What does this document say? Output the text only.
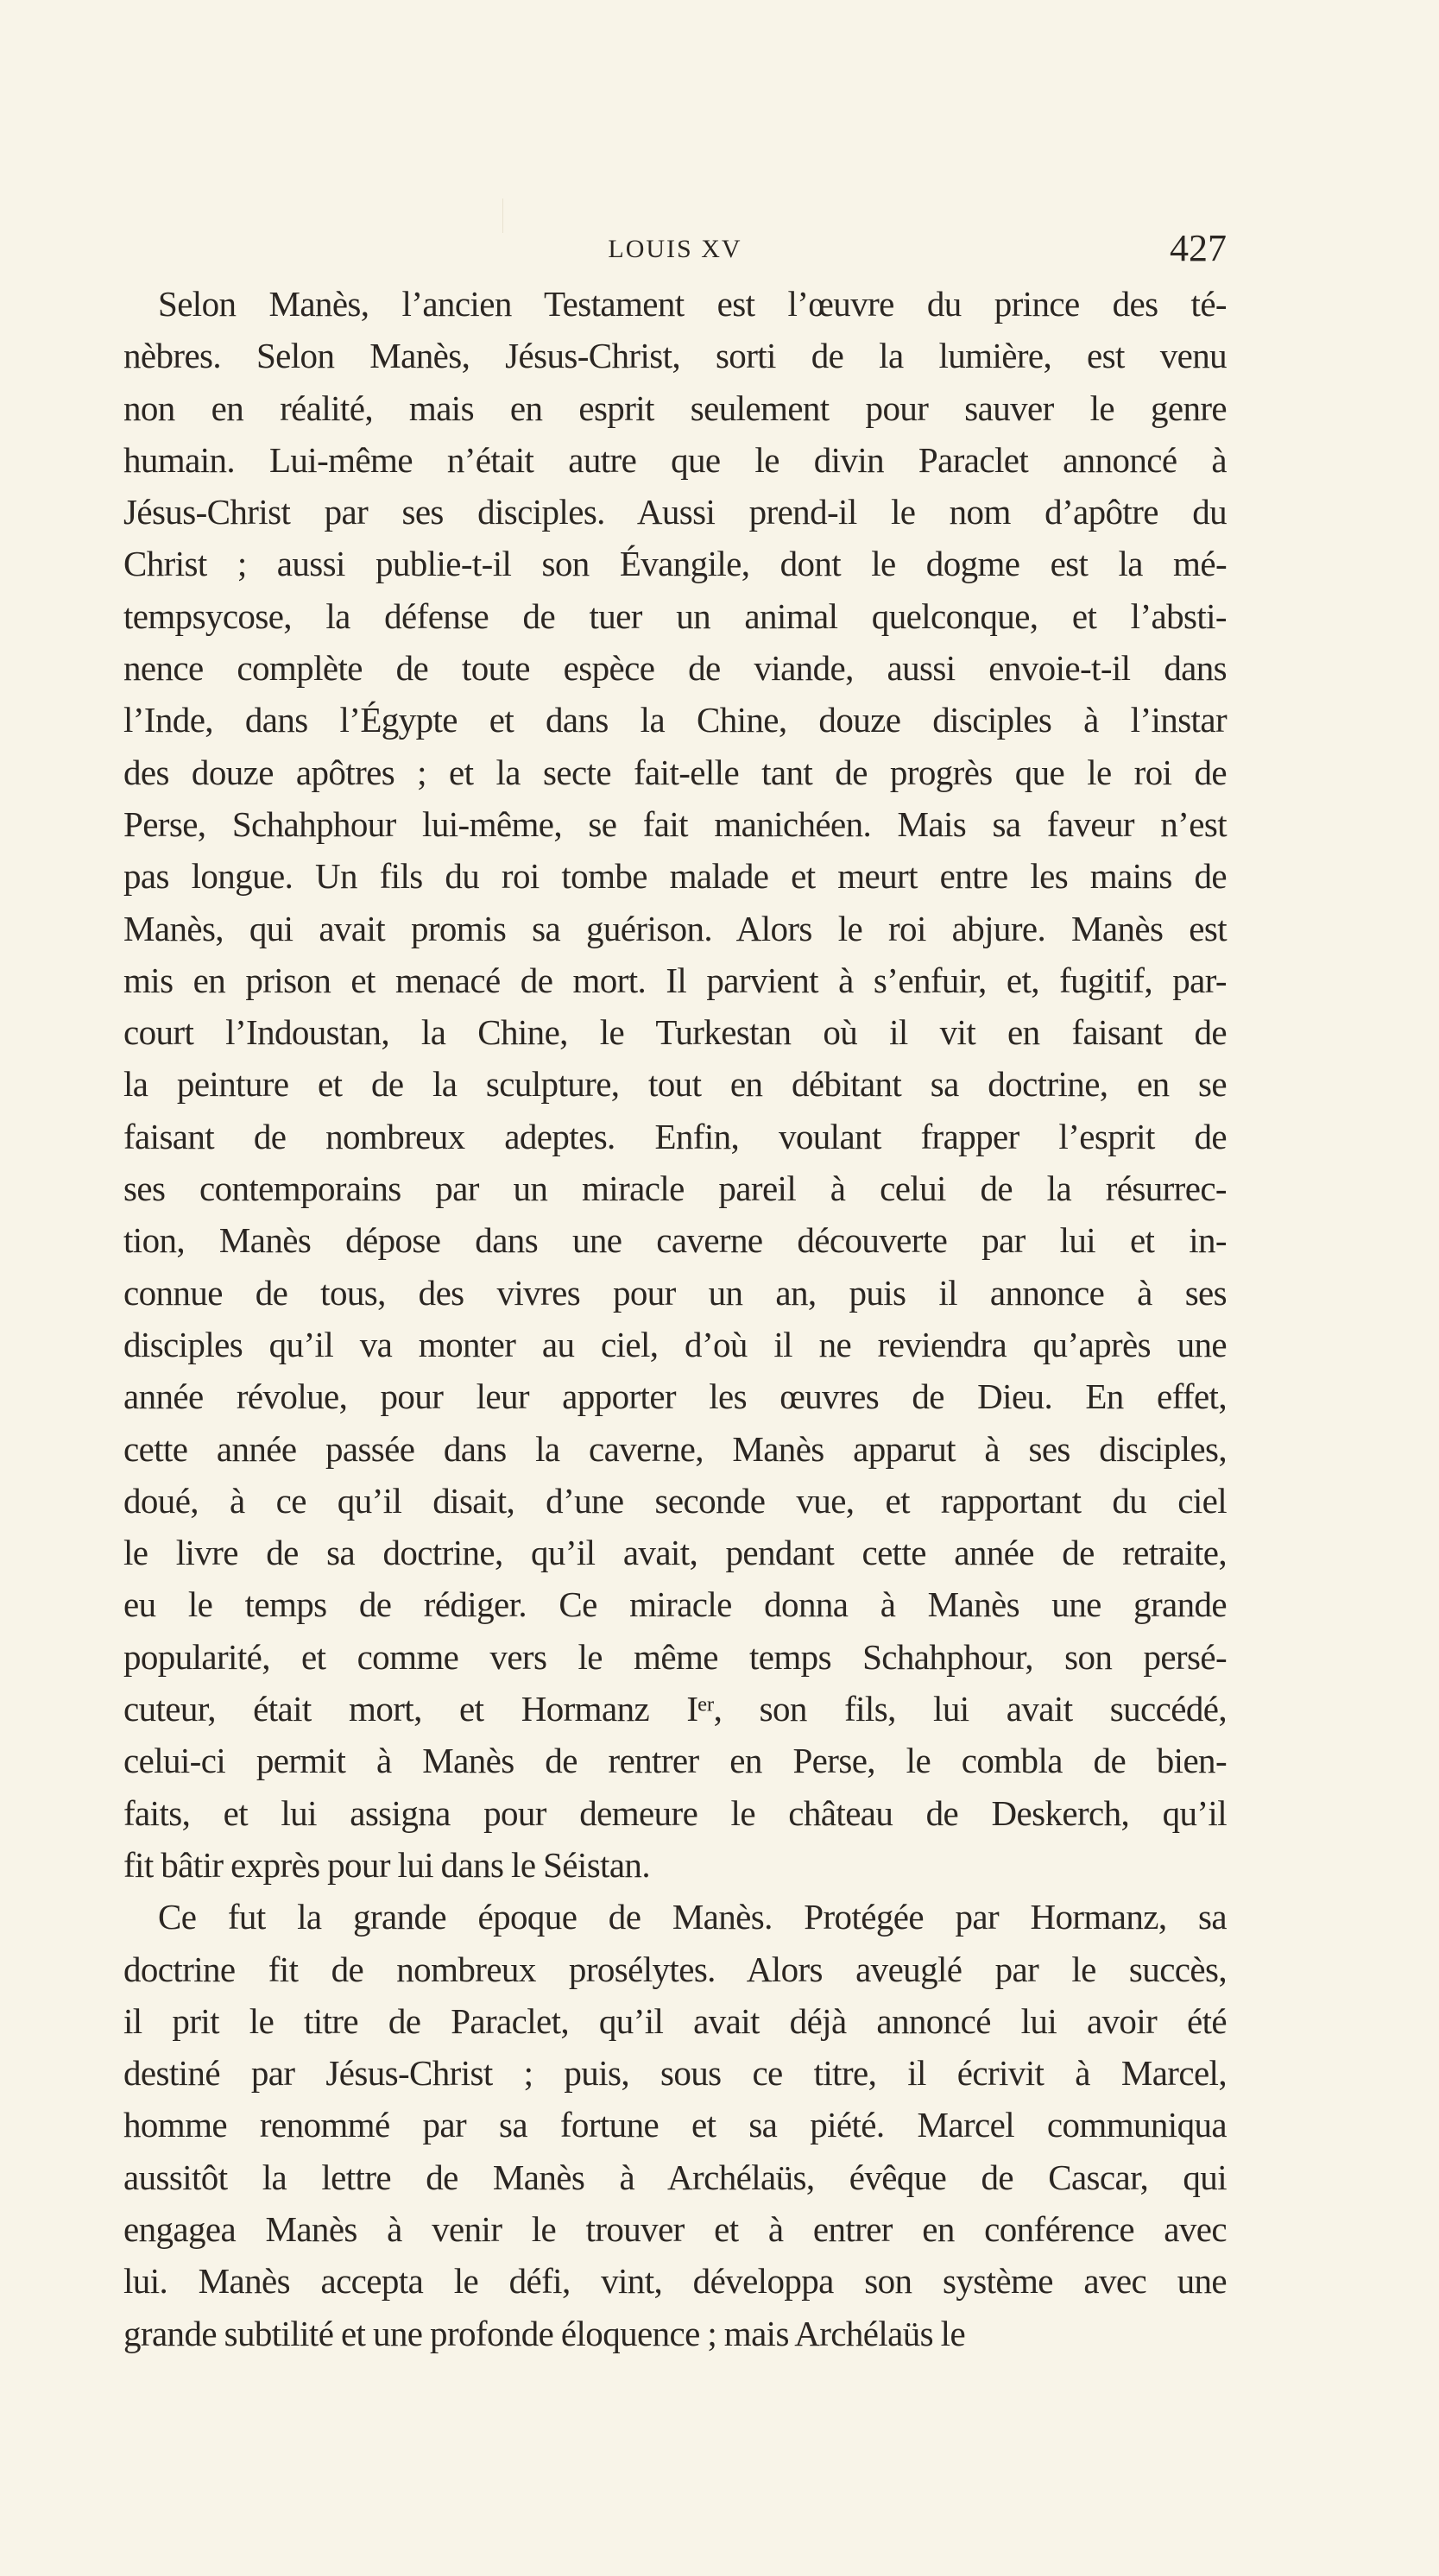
LOUIS XV	427
Selon Manès, l’ancien Testament est l’œuvre du prince des té-
nèbres. Selon Manès, Jésus-Christ, sorti de la lumière, est venu
non en réalité, mais en esprit seulement pour sauver le genre
humain. Lui-même n’était autre que le divin Paraclet annoncé à
Jésus-Christ par ses disciples. Aussi prend-il le nom d’apôtre du
Christ ; aussi publie-t-il son Évangile, dont le dogme est la mé-
tempsycose, la défense de tuer un animal quelconque, et l’absti-
nence complète de toute espèce de viande, aussi envoie-t-il dans
l’Inde, dans l’Égypte et dans la Chine, douze disciples à l’instar
des douze apôtres ; et la secte fait-elle tant de progrès que le roi de
Perse, Schahphour lui-même, se fait manichéen. Mais sa faveur n’est
pas longue. Un fils du roi tombe malade et meurt entre les mains de
Manès, qui avait promis sa guérison. Alors le roi abjure. Manès est
mis en prison et menacé de mort. Il parvient à s’enfuir, et, fugitif, par-
court l’Indoustan, la Chine, le Turkestan où il vit en faisant de
la peinture et de la sculpture, tout en débitant sa doctrine, en se
faisant de nombreux adeptes. Enfin, voulant frapper l’esprit de
ses contemporains par un miracle pareil à celui de la résurrec-
tion, Manès dépose dans une caverne découverte par lui et in-
connue de tous, des vivres pour un an, puis il annonce à ses
disciples qu’il va monter au ciel, d’où il ne reviendra qu’après une
année révolue, pour leur apporter les œuvres de Dieu. En effet,
cette année passée dans la caverne, Manès apparut à ses disciples,
doué, à ce qu’il disait, d’une seconde vue, et rapportant du ciel
le livre de sa doctrine, qu’il avait, pendant cette année de retraite,
eu le temps de rédiger. Ce miracle donna à Manès une grande
popularité, et comme vers le même temps Schahphour, son persé-
cuteur, était mort, et Hormanz Iᵉʳ, son fils, lui avait succédé,
celui-ci permit à Manès de rentrer en Perse, le combla de bien-
faits, et lui assigna pour demeure le château de Deskerch, qu’il
fit bâtir exprès pour lui dans le Séistan.
Ce fut la grande époque de Manès. Protégée par Hormanz, sa
doctrine fit de nombreux prosélytes. Alors aveuglé par le succès,
il prit le titre de Paraclet, qu’il avait déjà annoncé lui avoir été
destiné par Jésus-Christ ; puis, sous ce titre, il écrivit à Marcel,
homme renommé par sa fortune et sa piété. Marcel communiqua
aussitôt la lettre de Manès à Archélaüs, évêque de Cascar, qui
engagea Manès à venir le trouver et à entrer en conférence avec
lui. Manès accepta le défi, vint, développa son système avec une
grande subtilité et une profonde éloquence ; mais Archélaüs le
